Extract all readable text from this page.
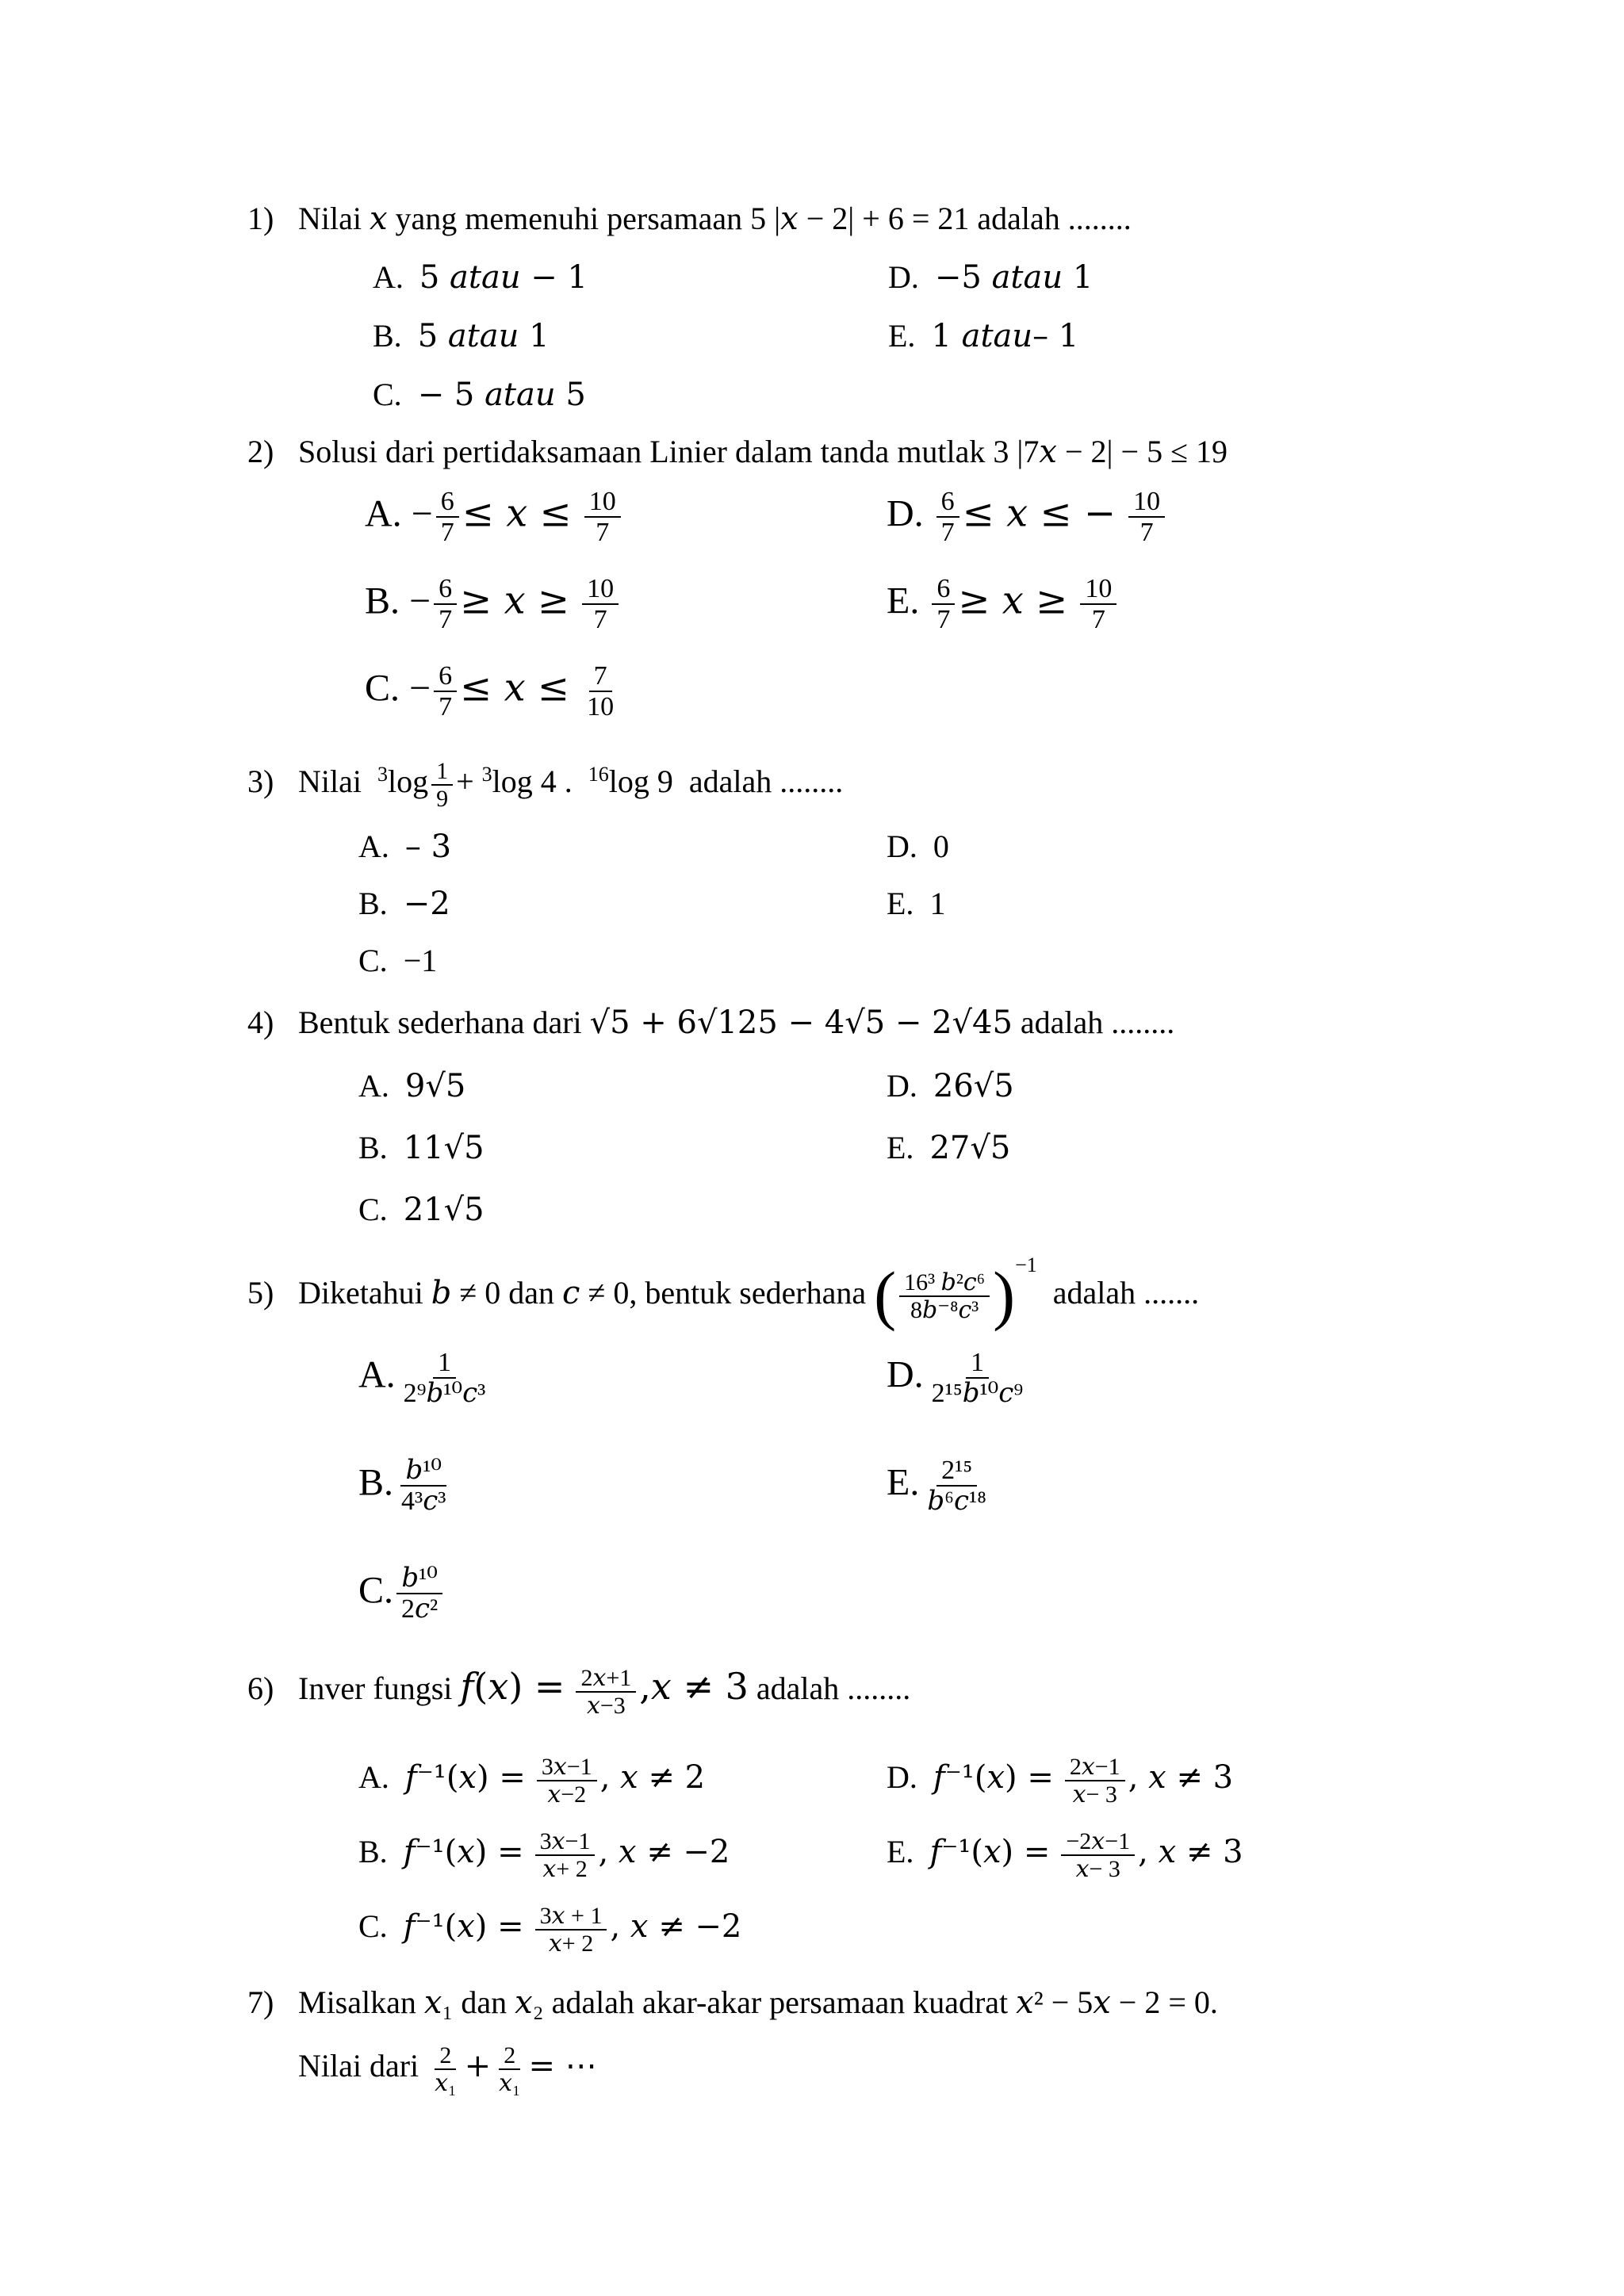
1) Nilai 𝑥 yang memenuhi persamaan 5 |𝑥 − 2| + 6 = 21 adalah ........
A.  5 𝑎𝑡𝑎𝑢 − 1
B.  5 𝑎𝑡𝑎𝑢 1
C.  − 5 𝑎𝑡𝑎𝑢 5
D.  −5 𝑎𝑡𝑎𝑢 1
E.  1 𝑎𝑡𝑎𝑢– 1
2) Solusi dari pertidaksamaan Linier dalam tanda mutlak 3 |7𝑥 − 2| − 5 ≤ 19
A. − $\frac{6}{7}$ ≤ 𝑥 ≤ $\frac{10}{7}$
B. − $\frac{6}{7}$ ≥ 𝑥 ≥ $\frac{10}{7}$
C. − $\frac{6}{7}$ ≤ 𝑥 ≤ $\frac{7}{10}$
D. $\frac{6}{7}$ ≤ 𝑥 ≤ − $\frac{10}{7}$
E. $\frac{6}{7}$ ≥ 𝑥 ≥ $\frac{10}{7}$
3) Nilai $^3\log \frac{1}{9} + ^3\log$ 4 . $^{16}$log 9 adalah ........
A.  – 3
B.  −2
C.  −1
D.  0
E.  1
4) Bentuk sederhana dari √5 + 6√125 − 4√5 − 2√45 adalah ........
A.  9√5
B.  11√5
C.  21√5
D.  26√5
E.  27√5
5) Diketahui 𝑏 ≠ 0 dan 𝑐 ≠ 0, bentuk sederhana ( $\frac{\text{16³ 𝑏²𝑐⁶}}{\text{8𝑏⁻⁸𝑐³}} )^{-1}$  adalah .......
A. $\frac{1}{\text{2⁹𝑏¹⁰𝑐³}}$
B. $\frac{\text{𝑏¹⁰}}{\text{4³𝑐³}}$
C. $\frac{\text{𝑏¹⁰}}{\text{2𝑐²}}$
D. $\frac{1}{\text{2¹⁵𝑏¹⁰𝑐⁹}}$
E. $\frac{\text{2¹⁵}}{\text{𝑏⁶𝑐¹⁸}}$
6) Inver fungsi 𝑓(𝑥) = $\frac{\text{2𝑥+1}}{\text{𝑥−3}}$ ,𝑥 ≠ 3 adalah ........
A.  𝑓⁻¹(𝑥) = $\frac{\text{3𝑥−1}}{\text{𝑥−2}}$ , 𝑥 ≠ 2
B.  𝑓⁻¹(𝑥) = $\frac{\text{3𝑥−1}}{\text{𝑥+ 2}}$ , 𝑥 ≠ −2
C.  𝑓⁻¹(𝑥) = $\frac{\text{3𝑥 + 1}}{\text{𝑥+ 2}}$ , 𝑥 ≠ −2
D.  𝑓⁻¹(𝑥) = $\frac{\text{2𝑥−1}}{\text{𝑥− 3}}$ , 𝑥 ≠ 3
E.  𝑓⁻¹(𝑥) = $\frac{\text{−2𝑥−1}}{\text{𝑥− 3}}$ , 𝑥 ≠ 3
7) Misalkan 𝑥₁ dan 𝑥₂ adalah akar-akar persamaan kuadrat 𝑥² − 5𝑥 − 2 = 0.
Nilai dari $\frac{2}{\text{𝑥₁}} + \frac{2}{\text{𝑥₁}}$ = ⋯
